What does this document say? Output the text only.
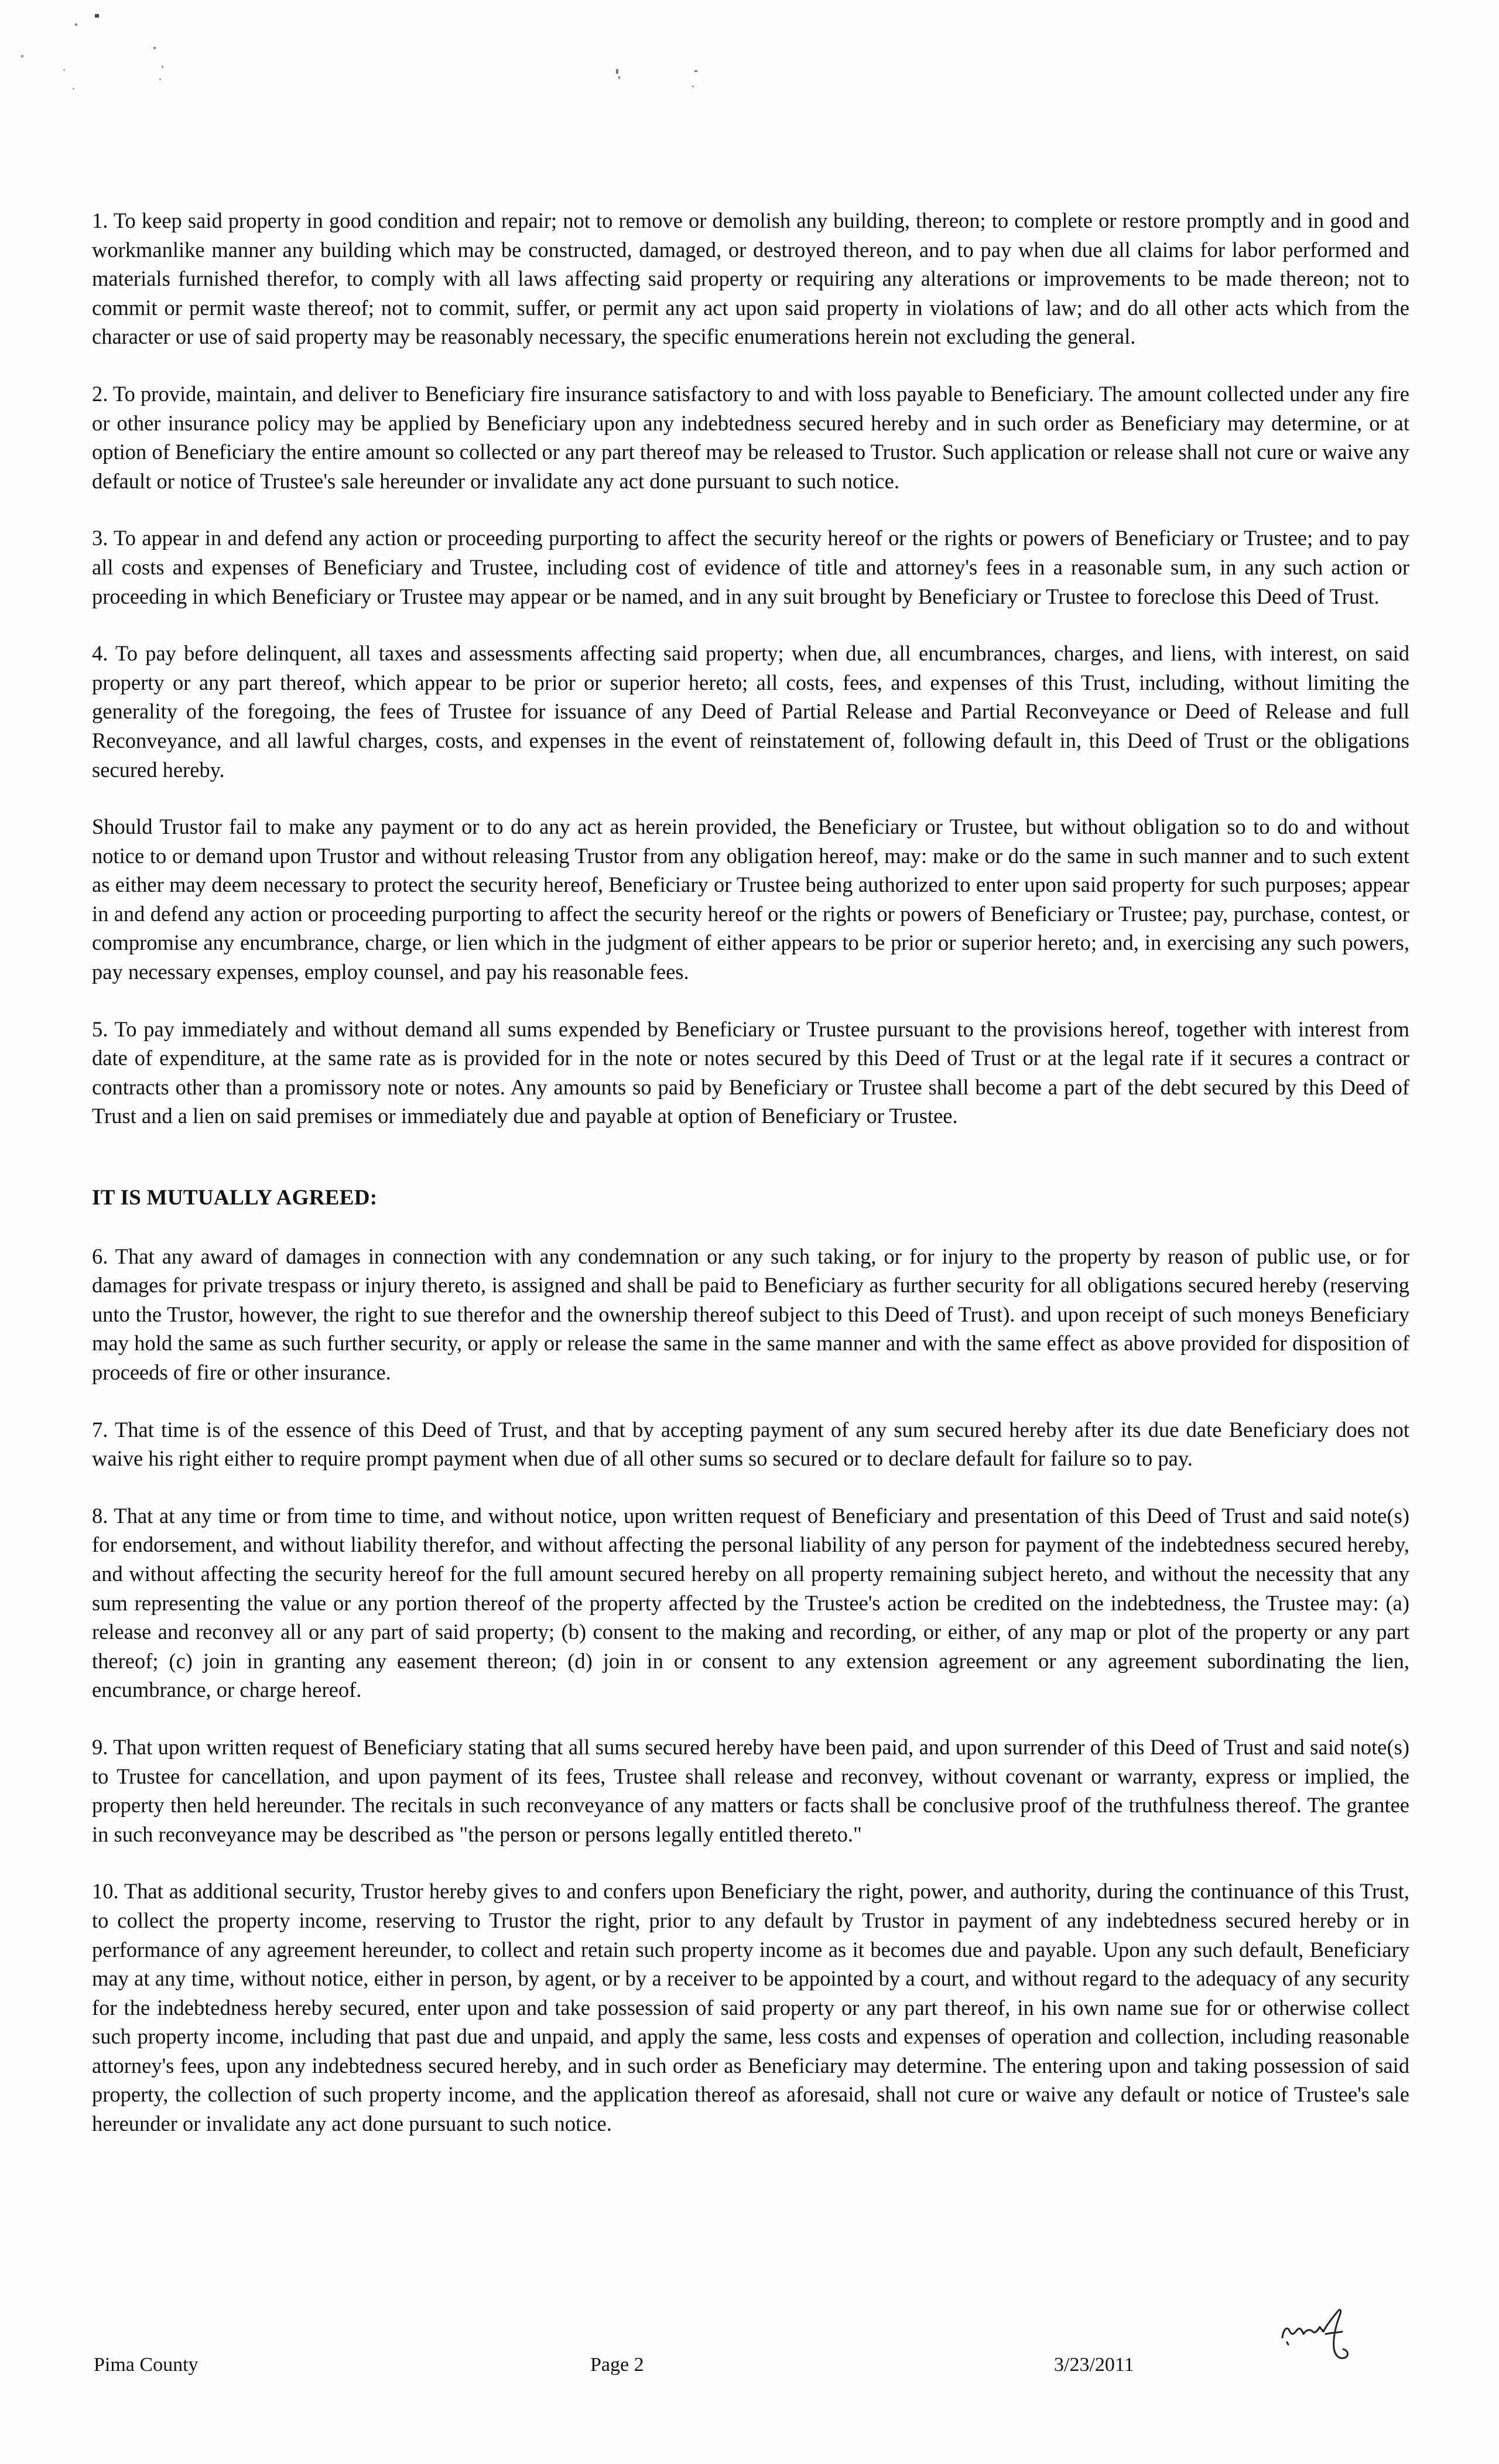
1. To keep said property in good condition and repair; not to remove or demolish any building, thereon; to complete or restore promptly and in good and workmanlike manner any building which may be constructed, damaged, or destroyed thereon, and to pay when due all claims for labor performed and materials furnished therefor, to comply with all laws affecting said property or requiring any alterations or improvements to be made thereon; not to commit or permit waste thereof; not to commit, suffer, or permit any act upon said property in violations of law; and do all other acts which from the character or use of said property may be reasonably necessary, the specific enumerations herein not excluding the general.

2. To provide, maintain, and deliver to Beneficiary fire insurance satisfactory to and with loss payable to Beneficiary. The amount collected under any fire or other insurance policy may be applied by Beneficiary upon any indebtedness secured hereby and in such order as Beneficiary may determine, or at option of Beneficiary the entire amount so collected or any part thereof may be released to Trustor. Such application or release shall not cure or waive any default or notice of Trustee's sale hereunder or invalidate any act done pursuant to such notice.

3. To appear in and defend any action or proceeding purporting to affect the security hereof or the rights or powers of Beneficiary or Trustee; and to pay all costs and expenses of Beneficiary and Trustee, including cost of evidence of title and attorney's fees in a reasonable sum, in any such action or proceeding in which Beneficiary or Trustee may appear or be named, and in any suit brought by Beneficiary or Trustee to foreclose this Deed of Trust.

4. To pay before delinquent, all taxes and assessments affecting said property; when due, all encumbrances, charges, and liens, with interest, on said property or any part thereof, which appear to be prior or superior hereto; all costs, fees, and expenses of this Trust, including, without limiting the generality of the foregoing, the fees of Trustee for issuance of any Deed of Partial Release and Partial Reconveyance or Deed of Release and full Reconveyance, and all lawful charges, costs, and expenses in the event of reinstatement of, following default in, this Deed of Trust or the obligations secured hereby.

Should Trustor fail to make any payment or to do any act as herein provided, the Beneficiary or Trustee, but without obligation so to do and without notice to or demand upon Trustor and without releasing Trustor from any obligation hereof, may: make or do the same in such manner and to such extent as either may deem necessary to protect the security hereof, Beneficiary or Trustee being authorized to enter upon said property for such purposes; appear in and defend any action or proceeding purporting to affect the security hereof or the rights or powers of Beneficiary or Trustee; pay, purchase, contest, or compromise any encumbrance, charge, or lien which in the judgment of either appears to be prior or superior hereto; and, in exercising any such powers, pay necessary expenses, employ counsel, and pay his reasonable fees.

5. To pay immediately and without demand all sums expended by Beneficiary or Trustee pursuant to the provisions hereof, together with interest from date of expenditure, at the same rate as is provided for in the note or notes secured by this Deed of Trust or at the legal rate if it secures a contract or contracts other than a promissory note or notes. Any amounts so paid by Beneficiary or Trustee shall become a part of the debt secured by this Deed of Trust and a lien on said premises or immediately due and payable at option of Beneficiary or Trustee.

IT IS MUTUALLY AGREED:

6. That any award of damages in connection with any condemnation or any such taking, or for injury to the property by reason of public use, or for damages for private trespass or injury thereto, is assigned and shall be paid to Beneficiary as further security for all obligations secured hereby (reserving unto the Trustor, however, the right to sue therefor and the ownership thereof subject to this Deed of Trust). and upon receipt of such moneys Beneficiary may hold the same as such further security, or apply or release the same in the same manner and with the same effect as above provided for disposition of proceeds of fire or other insurance.

7. That time is of the essence of this Deed of Trust, and that by accepting payment of any sum secured hereby after its due date Beneficiary does not waive his right either to require prompt payment when due of all other sums so secured or to declare default for failure so to pay.

8. That at any time or from time to time, and without notice, upon written request of Beneficiary and presentation of this Deed of Trust and said note(s) for endorsement, and without liability therefor, and without affecting the personal liability of any person for payment of the indebtedness secured hereby, and without affecting the security hereof for the full amount secured hereby on all property remaining subject hereto, and without the necessity that any sum representing the value or any portion thereof of the property affected by the Trustee's action be credited on the indebtedness, the Trustee may: (a) release and reconvey all or any part of said property; (b) consent to the making and recording, or either, of any map or plot of the property or any part thereof; (c) join in granting any easement thereon; (d) join in or consent to any extension agreement or any agreement subordinating the lien, encumbrance, or charge hereof.

9. That upon written request of Beneficiary stating that all sums secured hereby have been paid, and upon surrender of this Deed of Trust and said note(s) to Trustee for cancellation, and upon payment of its fees, Trustee shall release and reconvey, without covenant or warranty, express or implied, the property then held hereunder. The recitals in such reconveyance of any matters or facts shall be conclusive proof of the truthfulness thereof. The grantee in such reconveyance may be described as "the person or persons legally entitled thereto."

10. That as additional security, Trustor hereby gives to and confers upon Beneficiary the right, power, and authority, during the continuance of this Trust, to collect the property income, reserving to Trustor the right, prior to any default by Trustor in payment of any indebtedness secured hereby or in performance of any agreement hereunder, to collect and retain such property income as it becomes due and payable. Upon any such default, Beneficiary may at any time, without notice, either in person, by agent, or by a receiver to be appointed by a court, and without regard to the adequacy of any security for the indebtedness hereby secured, enter upon and take possession of said property or any part thereof, in his own name sue for or otherwise collect such property income, including that past due and unpaid, and apply the same, less costs and expenses of operation and collection, including reasonable attorney's fees, upon any indebtedness secured hereby, and in such order as Beneficiary may determine. The entering upon and taking possession of said property, the collection of such property income, and the application thereof as aforesaid, shall not cure or waive any default or notice of Trustee's sale hereunder or invalidate any act done pursuant to such notice.

Pima County	Page 2	3/23/2011
